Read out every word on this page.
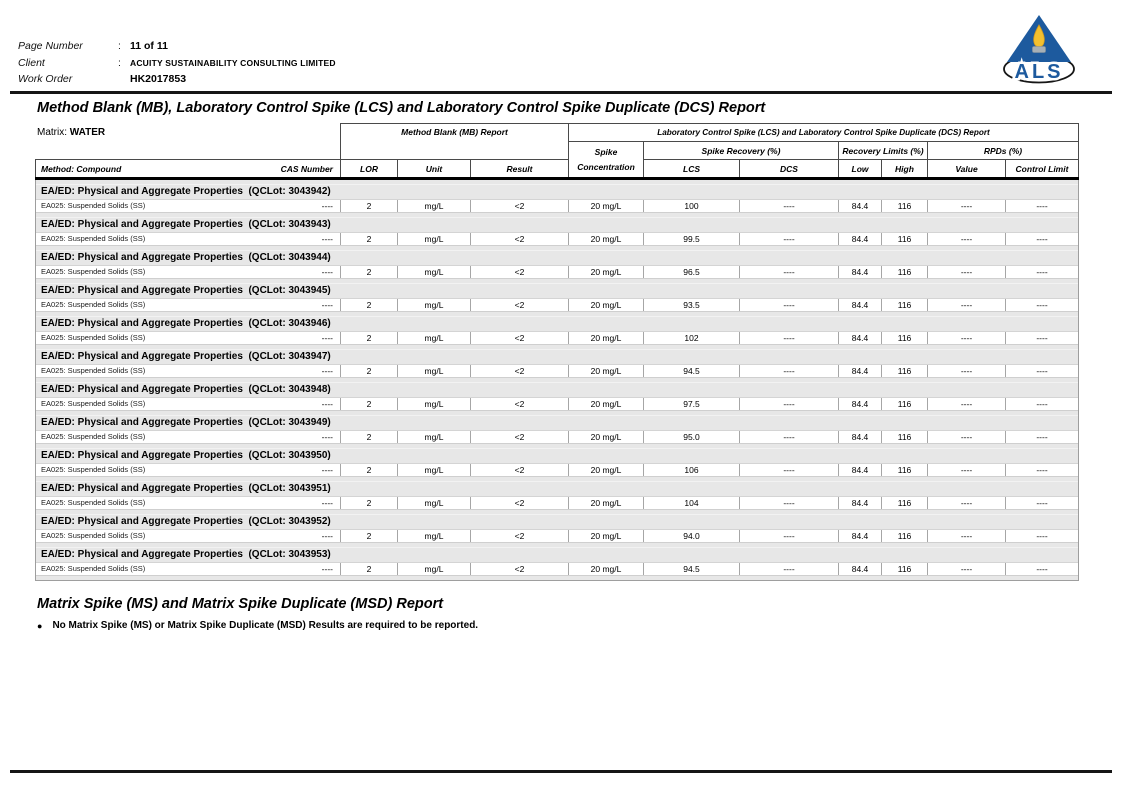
Page Number	: 11 of 11
Client	:	ACUITY SUSTAINABILITY CONSULTING LIMITED
Work Order	HK2017853	ALS
Method Blank (MB), Laboratory Control Spike (LCS) and Laboratory Control Spike Duplicate (DCS) Report
Matrix: WATER	Method Blank (MB) Report	Laboratory Control Spike (LCS) and Laboratory Control Spike Duplicate (DCS) Report
Spike
Concentration
Spike Recovery (%)	Recovery Limits (%)	RPDs (%)
Method: Compound	CAS Number	LOR	Unit	Result	LCS	DCS	Low	High	Value	Control Limit
EA/ED: Physical and Aggregate Properties  (QCLot: 3043942)
EA025: Suspended Solids (SS)	----	2	mg/L	<2	20 mg/L	100	----	84.4	116	----	----
EA/ED: Physical and Aggregate Properties  (QCLot: 3043943)
EA025: Suspended Solids (SS)	----	2	mg/L	<2	20 mg/L	99.5	----	84.4	116	----	----
EA/ED: Physical and Aggregate Properties  (QCLot: 3043944)
EA025: Suspended Solids (SS)	----	2	mg/L	<2	20 mg/L	96.5	----	84.4	116	----	----
EA/ED: Physical and Aggregate Properties  (QCLot: 3043945)
EA025: Suspended Solids (SS)	----	2	mg/L	<2	20 mg/L	93.5	----	84.4	116	----	----
EA/ED: Physical and Aggregate Properties  (QCLot: 3043946)
EA025: Suspended Solids (SS)	----	2	mg/L	<2	20 mg/L	102	----	84.4	116	----	----
EA/ED: Physical and Aggregate Properties  (QCLot: 3043947)
EA025: Suspended Solids (SS)	----	2	mg/L	<2	20 mg/L	94.5	----	84.4	116	----	----
EA/ED: Physical and Aggregate Properties  (QCLot: 3043948)
EA025: Suspended Solids (SS)	----	2	mg/L	<2	20 mg/L	97.5	----	84.4	116	----	----
EA/ED: Physical and Aggregate Properties  (QCLot: 3043949)
EA025: Suspended Solids (SS)	----	2	mg/L	<2	20 mg/L	95.0	----	84.4	116	----	----
EA/ED: Physical and Aggregate Properties  (QCLot: 3043950)
EA025: Suspended Solids (SS)	----	2	mg/L	<2	20 mg/L	106	----	84.4	116	----	----
EA/ED: Physical and Aggregate Properties  (QCLot: 3043951)
EA025: Suspended Solids (SS)	----	2	mg/L	<2	20 mg/L	104	----	84.4	116	----	----
EA/ED: Physical and Aggregate Properties  (QCLot: 3043952)
EA025: Suspended Solids (SS)	----	2	mg/L	<2	20 mg/L	94.0	----	84.4	116	----	----
EA/ED: Physical and Aggregate Properties  (QCLot: 3043953)
EA025: Suspended Solids (SS)	----	2	mg/L	<2	20 mg/L	94.5	----	84.4	116	----	----
Matrix Spike (MS) and Matrix Spike Duplicate (MSD) Report
● No Matrix Spike (MS) or Matrix Spike Duplicate (MSD) Results are required to be reported.
